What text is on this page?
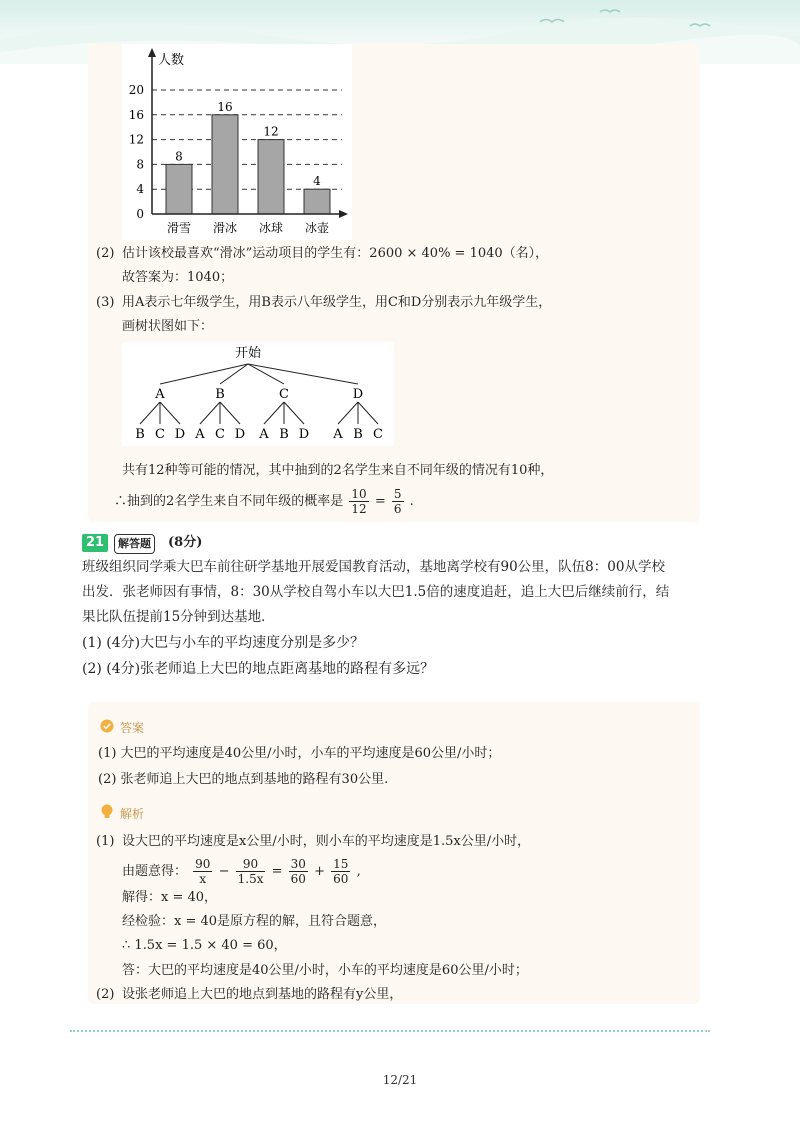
0
4
8
12
16
20
8
滑雪
16
滑冰
12
冰球
4
冰壶
人数
(2) 估计该校最喜欢“滑冰”运动项目的学生有：2600 × 40% = 1040（名），
故答案为：1040；
(3) 用A表示七年级学生，用B表示八年级学生，用C和D分别表示九年级学生，
画树状图如下：
开始
A
B C D
B
A C D
C
A B D
D
A B C
共有12种等可能的情况，其中抽到的2名学生来自不同年级的情况有10种，
∴抽到的2名学生来自不同年级的概率是 $\frac{10}{12} = \frac{5}{6}$ .
21	解答题	(8分)
班级组织同学乘大巴车前往研学基地开展爱国教育活动，基地离学校有90公里，队伍8：00从学校
出发．张老师因有事情，8：30从学校自驾小车以大巴1.5倍的速度追赶，追上大巴后继续前行，结
果比队伍提前15分钟到达基地．
(1) (4分)大巴与小车的平均速度分别是多少？
(2) (4分)张老师追上大巴的地点距离基地的路程有多远？
答案
(1) 大巴的平均速度是40公里/小时，小车的平均速度是60公里/小时；
(2) 张老师追上大巴的地点到基地的路程有30公里.
解析
(1) 设大巴的平均速度是x公里/小时，则小车的平均速度是1.5x公里/小时，
由题意得： $\frac{90}{x} - \frac{90}{1.5x} = \frac{30}{60} + \frac{15}{60}$ ,
解得：x = 40，
经检验：x = 40是原方程的解，且符合题意，
∴ 1.5x = 1.5 × 40 = 60，
答：大巴的平均速度是40公里/小时，小车的平均速度是60公里/小时；
(2) 设张老师追上大巴的地点到基地的路程有y公里，
12/21
